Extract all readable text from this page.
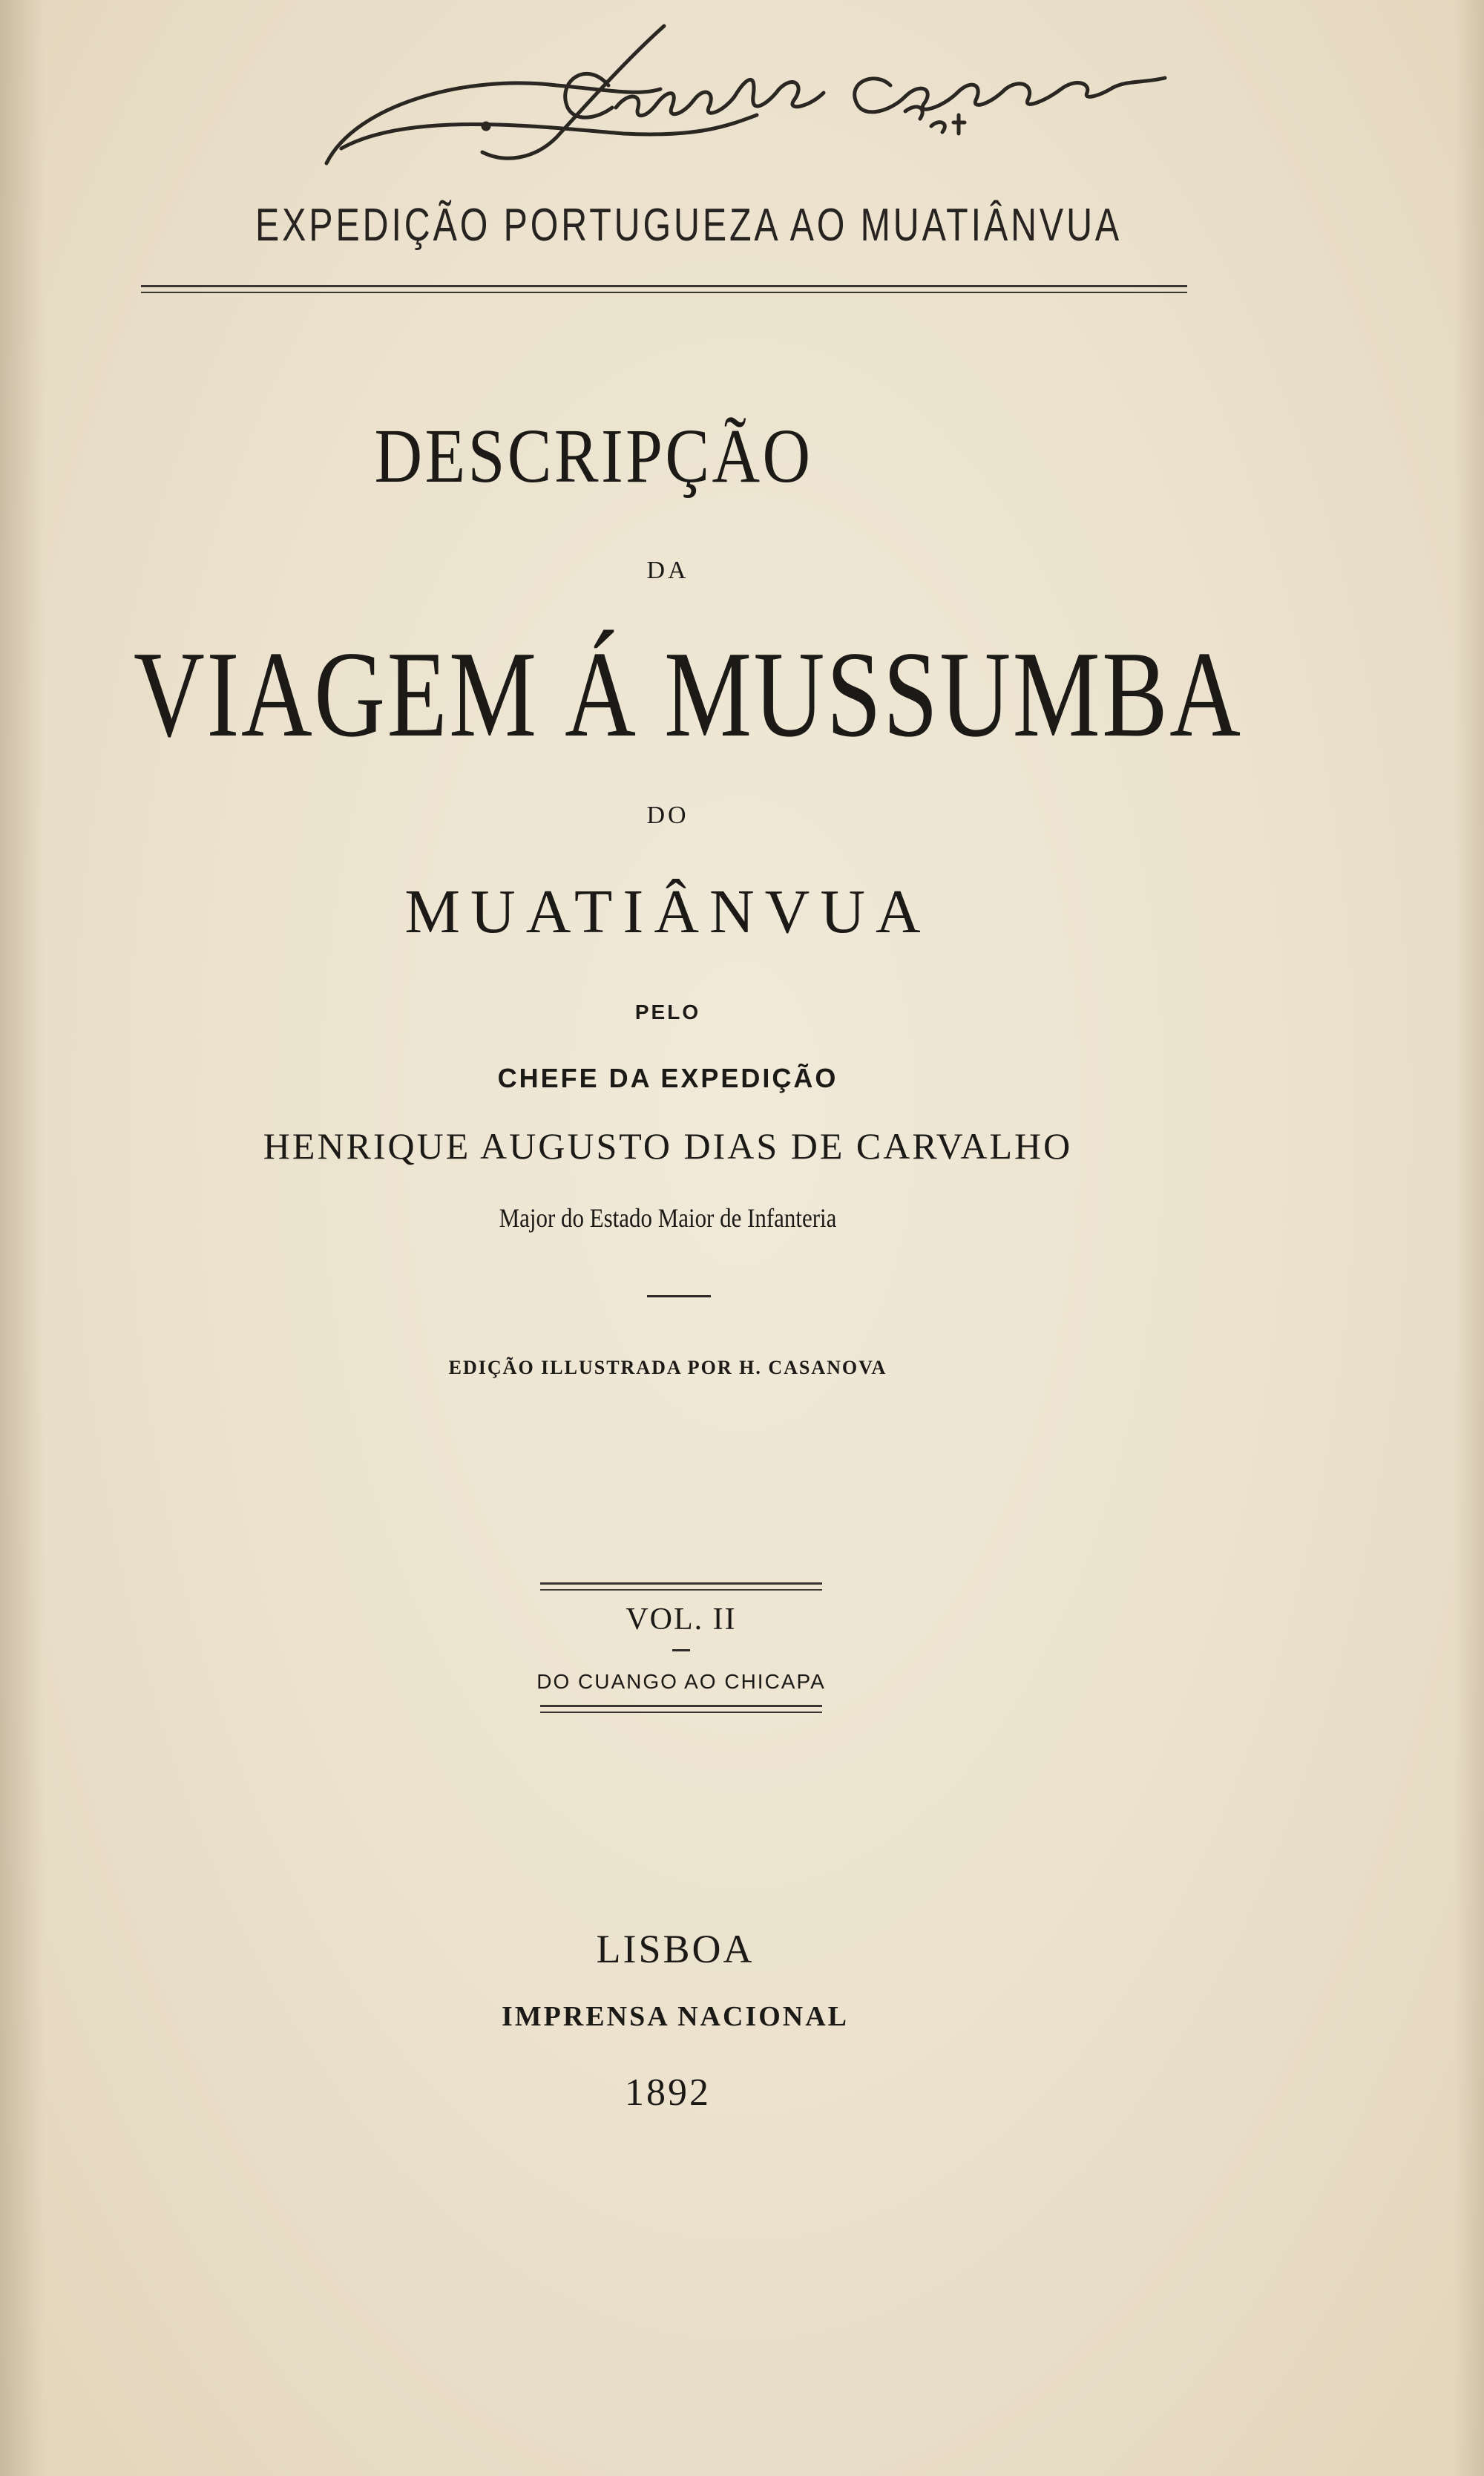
EXPEDIÇÃO PORTUGUEZA AO MUATIÂNVUA
DESCRIPÇÃO
DA
VIAGEM Á MUSSUMBA
DO
MUATIÂNVUA
PELO
CHEFE DA EXPEDIÇÃO
HENRIQUE AUGUSTO DIAS DE CARVALHO
Major do Estado Maior de Infanteria
EDIÇÃO ILLUSTRADA POR H. CASANOVA
VOL. II
DO CUANGO AO CHICAPA
LISBOA
IMPRENSA NACIONAL
1892
